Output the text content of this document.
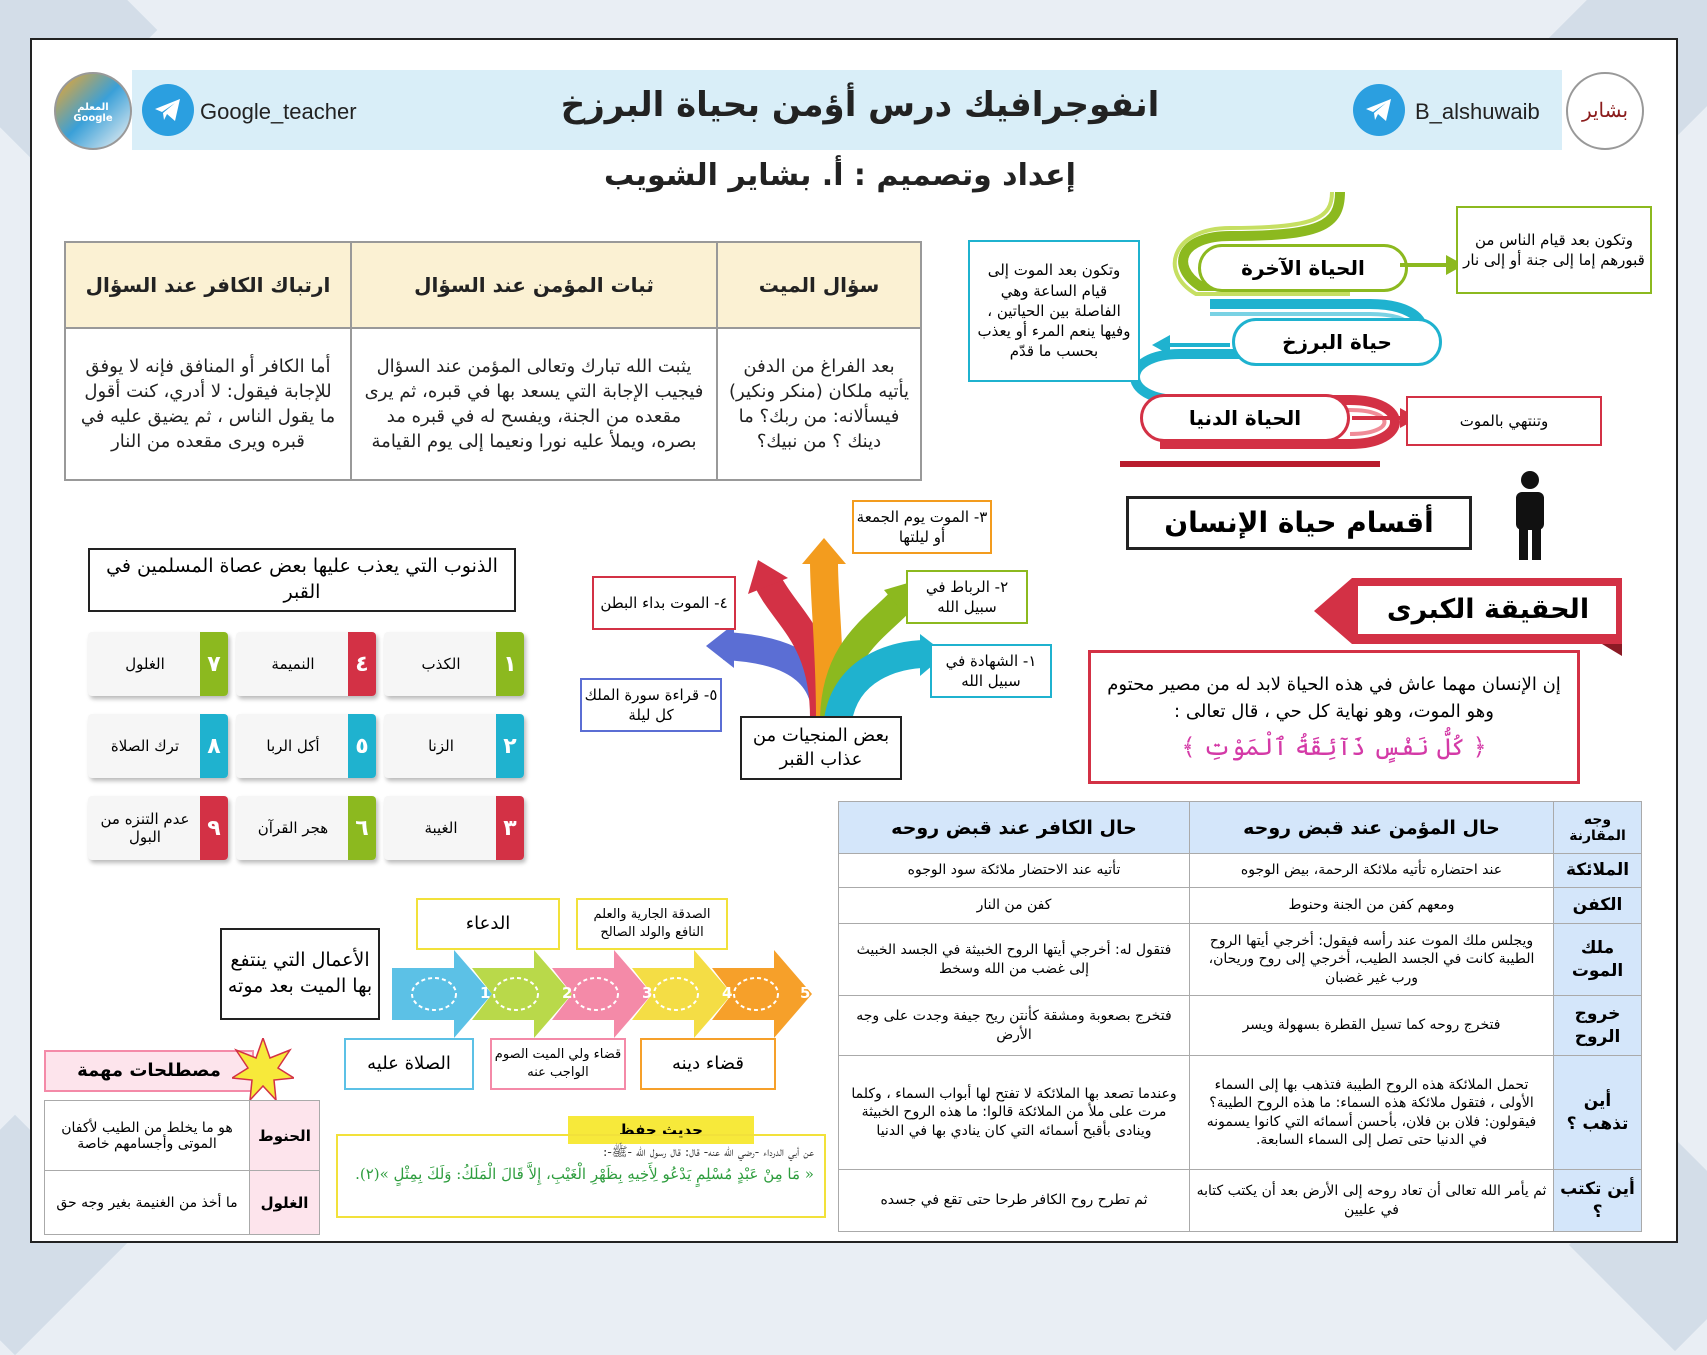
المعلم Google	Google_teacher	انفوجرافيك درس أؤمن بحياة البرزخ	B_alshuwaib	بشاير
إعداد وتصميم : أ. بشاير الشويب
سؤال الميت	ثبات المؤمن عند السؤال	ارتباك الكافر عند السؤال
بعد الفراغ من الدفن يأتيه ملكان (منكر ونكير) فيسألانه: من ربك؟ ما دينك ؟ من نبيك؟	يثبت الله تبارك وتعالى المؤمن عند السؤال فيجيب الإجابة التي يسعد بها في قبره، ثم يرى مقعده من الجنة، ويفسح له في قبره مد بصره، ويملأ عليه نورا ونعيما إلى يوم القيامة	أما الكافر أو المنافق فإنه لا يوفق للإجابة فيقول: لا أدري، كنت أقول ما يقول الناس ، ثم يضيق عليه في قبره ويرى مقعده من النار
الحياة الآخرة
حياة البرزخ
الحياة الدنيا
وتكون بعد قيام الناس من قبورهم إما إلى جنة أو إلى نار
وتكون بعد الموت إلى قيام الساعة وهي الفاصلة بين الحياتين ، وفيها ينعم المرء أو يعذب بحسب ما قدّم
وتنتهي بالموت
أقسام حياة الإنسان
الحقيقة الكبرى
إن الإنسان مهما عاش في هذه الحياة لابد له من مصير محتوم وهو الموت، وهو نهاية كل حي ، قال تعالى :
﴿ كُلُّ نَفْسٍ ذَآئِقَةُ ٱلْمَوْتِ ﴾
الذنوب التي يعذب عليها بعض عصاة المسلمين في القبر
١
الكذب
٤
النميمة
٧
الغلول
٢
الزنا
٥
أكل الربا
٨
ترك الصلاة
٣
الغيبة
٦
هجر القرآن
٩
عدم التنزه من البول
بعض المنجيات من عذاب القبر
١- الشهادة في سبيل الله
٢- الرباط في سبيل الله
٣- الموت يوم الجمعة أو ليلتها
٤- الموت بداء البطن
٥- قراءة سورة الملك كل ليلة
الأعمال التي ينتفع بها الميت بعد موته
الدعاء	الصدقة الجارية والعلم النافع والولد الصالح
1	2	3	4	5
الصلاة عليه	قضاء ولي الميت الصوم الواجب عنه	قضاء دينه
مصطلحات مهمة
الحنوط	هو ما يخلط من الطيب لأكفان الموتى وأجسامهم خاصة
الغلول	ما أخذ من الغنيمة بغير وجه حق
حديث حفظ
عن أبي الدرداء -رضي الله عنه- قال: قال رسول الله -ﷺ-:
« مَا مِنْ عَبْدٍ مُسْلِمٍ يَدْعُو لِأَخِيهِ بِظَهْرِ الْغَيْبِ، إِلاَّ قَالَ الْمَلَكُ: وَلَكَ بِمِثْلٍ »(٢).
وجه المقارنة	حال المؤمن عند قبض روحه	حال الكافر عند قبض روحه
الملائكة	عند احتضاره تأتيه ملائكة الرحمة، بيض الوجوه	تأتيه عند الاحتضار ملائكة سود الوجوه
الكفن	ومعهم كفن من الجنة وحنوط	كفن من النار
ملك الموت	ويجلس ملك الموت عند رأسه فيقول: أخرجي أيتها الروح الطيبة كانت في الجسد الطيب، أخرجي إلى روح وريحان، ورب غير غضبان	فتقول له: أخرجي أيتها الروح الخبيثة في الجسد الخبيث إلى غضب من الله وسخط
خروج الروح	فتخرج روحه كما تسيل القطرة بسهولة ويسر	فتخرج بصعوبة ومشقة كأنتن ريح جيفة وجدت على وجه الأرض
أين تذهب ؟	تحمل الملائكة هذه الروح الطيبة فتذهب بها إلى السماء الأولى ، فتقول ملائكة هذه السماء: ما هذه الروح الطيبة؟ فيقولون: فلان بن فلان، بأحسن أسمائه التي كانوا يسمونه في الدنيا حتى تصل إلى السماء السابعة.	وعندما تصعد بها الملائكة لا تفتح لها أبواب السماء ، وكلما مرت على ملأ من الملائكة قالوا: ما هذه الروح الخبيثة وينادى بأقبح أسمائه التي كان ينادي بها في الدنيا
أين تكتب ؟	ثم يأمر الله تعالى أن تعاد روحه إلى الأرض بعد أن يكتب كتابه في عليين	ثم تطرح روح الكافر طرحا حتى تقع في جسده
